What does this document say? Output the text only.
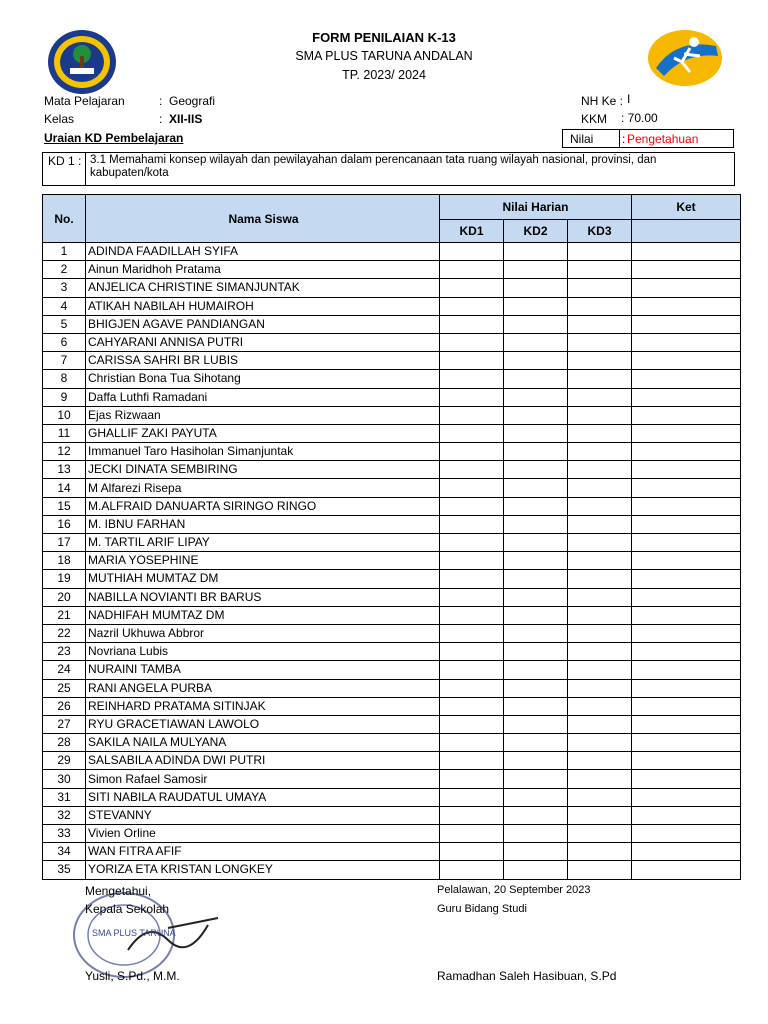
FORM PENILAIAN K-13
SMA PLUS TARUNA ANDALAN
TP. 2023/ 2024
Mata Pelajaran	: Geografi
Kelas	: XII-IIS
Uraian KD Pembelajaran
NH Ke : I
KKM : 70.00
Nilai : Pengetahuan
KD 1 : 3.1 Memahami konsep wilayah dan pewilayahan dalam perencanaan tata ruang wilayah nasional, provinsi, dan kabupaten/kota
No.	Nama Siswa	Nilai Harian			Ket
		KD1	KD2	KD3	
1	ADINDA FAADILLAH SYIFA				
2	Ainun Maridhoh Pratama				
3	ANJELICA CHRISTINE SIMANJUNTAK				
4	ATIKAH NABILAH HUMAIROH				
5	BHIGJEN AGAVE PANDIANGAN				
6	CAHYARANI ANNISA PUTRI				
7	CARISSA SAHRI BR LUBIS				
8	Christian Bona Tua Sihotang				
9	Daffa Luthfi Ramadani				
10	Ejas Rizwaan				
11	GHALLIF ZAKI PAYUTA				
12	Immanuel Taro Hasiholan Simanjuntak				
13	JECKI DINATA SEMBIRING				
14	M Alfarezi Risepa				
15	M.ALFRAID DANUARTA SIRINGO RINGO				
16	M. IBNU FARHAN				
17	M. TARTIL ARIF LIPAY				
18	MARIA YOSEPHINE				
19	MUTHIAH MUMTAZ DM				
20	NABILLA NOVIANTI BR BARUS				
21	NADHIFAH MUMTAZ DM				
22	Nazril Ukhuwa Abbror				
23	Novriana Lubis				
24	NURAINI TAMBA				
25	RANI ANGELA PURBA				
26	REINHARD PRATAMA SITINJAK				
27	RYU GRACETIAWAN LAWOLO				
28	SAKILA NAILA MULYANA				
29	SALSABILA ADINDA DWI PUTRI				
30	Simon Rafael Samosir				
31	SITI NABILA RAUDATUL UMAYA				
32	STEVANNY				
33	Vivien Orline				
34	WAN FITRA AFIF				
35	YORIZA ETA KRISTAN LONGKEY				
SMA PLUS TARUNA
Mengetahui,
Kepala Sekolah
Yusli, S.Pd., M.M.
Pelalawan, 20 September 2023
Guru Bidang Studi
Ramadhan Saleh Hasibuan, S.Pd
